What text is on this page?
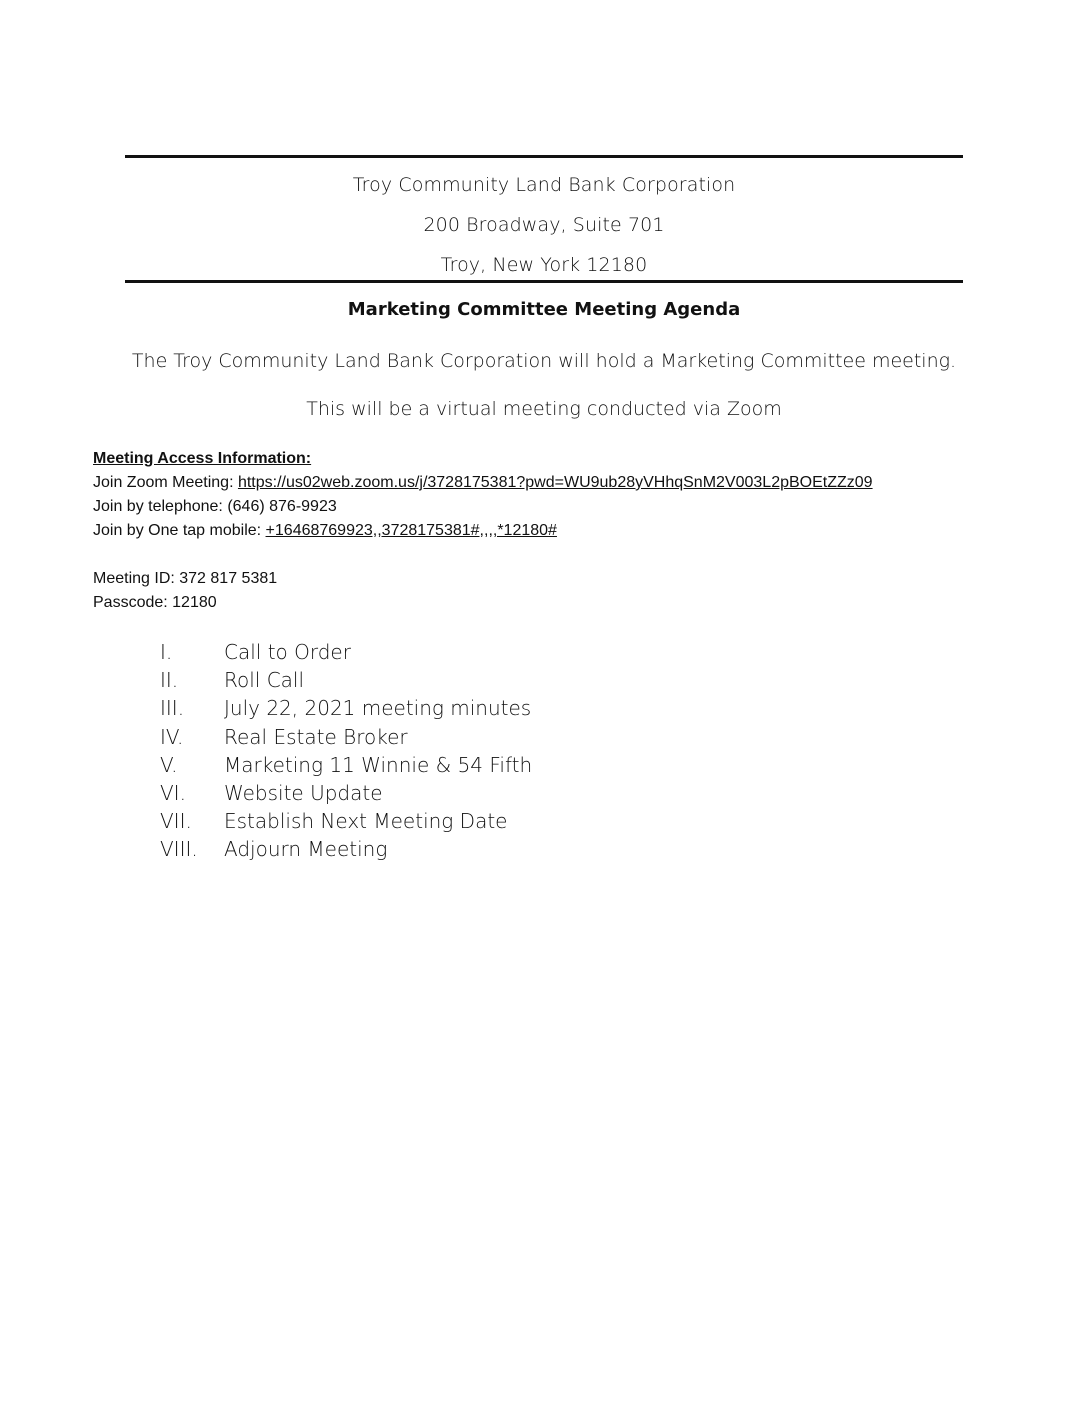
Troy Community Land Bank Corporation
200 Broadway, Suite 701
Troy, New York 12180
Marketing Committee Meeting Agenda
The Troy Community Land Bank Corporation will hold a Marketing Committee meeting.
This will be a virtual meeting conducted via Zoom
Meeting Access Information:
Join Zoom Meeting: https://us02web.zoom.us/j/3728175381?pwd=WU9ub28yVHhqSnM2V003L2pBOEtZZz09
Join by telephone: (646) 876-9923
Join by One tap mobile: +16468769923,,3728175381#,,,,*12180#
Meeting ID: 372 817 5381
Passcode: 12180
I.	Call to Order
II. Roll Call
III. July 22, 2021 meeting minutes
IV. Real Estate Broker
V. Marketing 11 Winnie & 54 Fifth
VI. Website Update
VII. Establish Next Meeting Date
VIII. Adjourn Meeting
